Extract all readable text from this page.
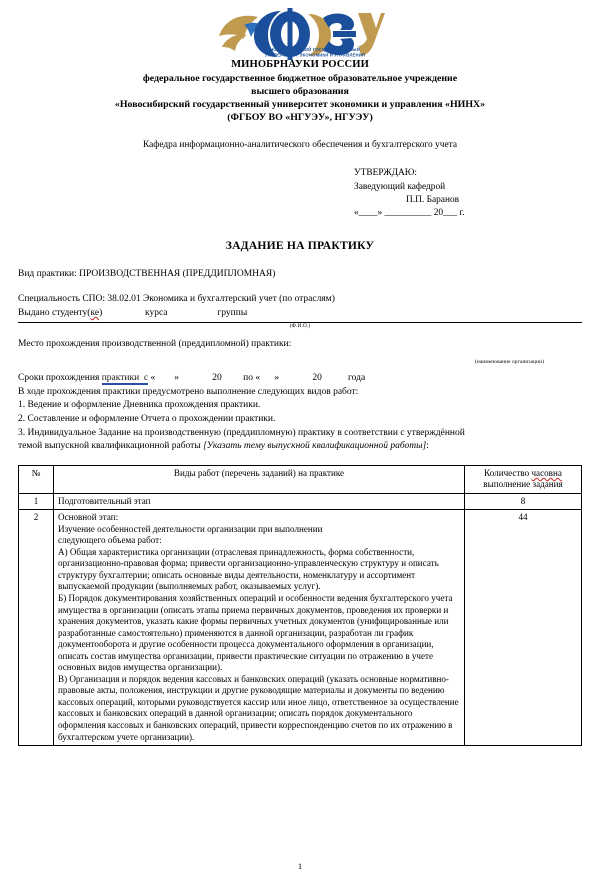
НОВОСИБИРСКИЙ ГОСУДАРСТВЕННЫЙ
УНИВЕРСИТЕТ ЭКОНОМИКИ И УПРАВЛЕНИЯ
МИНОБРНАУКИ РОССИИ
федеральное государственное бюджетное образовательное учреждение
высшего образования
«Новосибирский государственный университет экономики и управления «НИНХ»
(ФГБОУ ВО «НГУЭУ», НГУЭУ)
Кафедра информационно-аналитического обеспечения и бухгалтерского учета
УТВЕРЖДАЮ:
Заведующий кафедрой
П.П. Баранов
«____» __________ 20___ г.
ЗАДАНИЕ НА ПРАКТИКУ
Вид практики: ПРОИЗВОДСТВЕННАЯ (ПРЕДДИПЛОМНАЯ)
Специальность СПО: 38.02.01 Экономика и бухгалтерский учет (по отраслям)
Выдано студенту(ке)	курса	группы
(Ф.И.О.)
Место прохождения производственной (преддипломной) практики:
(наименование организации)
Сроки прохождения практики  с «        »              20         по «      »              20           года
В ходе прохождения практики предусмотрено выполнение следующих видов работ:
1. Ведение и оформление Дневника прохождения практики.
2. Составление и оформление Отчета о прохождении практики.
3. Индивидуальное Задание на производственную (преддипломную) практику в соответствии с утверждённой
темой выпускной квалификационной работы [Указать тему выпускной квалификационной работы]:
№	Виды работ (перечень заданий) на практике	Количество часовна
выполнение задания
1	Подготовительный этап	8
2	Основной этап:
Изучение особенностей деятельности организации при выполнении
следующего объема работ:
А) Общая характеристика организации (отраслевая принадлежность, форма собственности, организационно-правовая форма; привести организационно-управленческую структуру и описать структуру бухгалтерии; описать основные виды деятельности, номенклатуру и ассортимент выпускаемой продукции (выполняемых работ, оказываемых услуг).
Б) Порядок документирования хозяйственных операций и особенности ведения бухгалтерского учета имущества в организации (описать этапы приема первичных документов, проведения их проверки и хранения документов, указать какие формы первичных учетных документов (унифицированные или разработанные самостоятельно) применяются в данной организации, разработан ли график документооборота и другие особенности процесса документального оформления в организации, описать состав имущества организации, привести практические ситуации по отражению в учете основных видов имущества организации).
В) Организация и порядок ведения кассовых и банковских операций (указать основные нормативно-правовые акты, положения, инструкции и другие руководящие материалы и документы по ведению кассовых операций, которыми руководствуется кассир или иное лицо, ответственное за осуществление кассовых и банковских операций в данной организации; описать порядок документального оформления кассовых и банковских операций, привести корреспонденцию счетов по их отражению в бухгалтерском учете организации).
	44
1
